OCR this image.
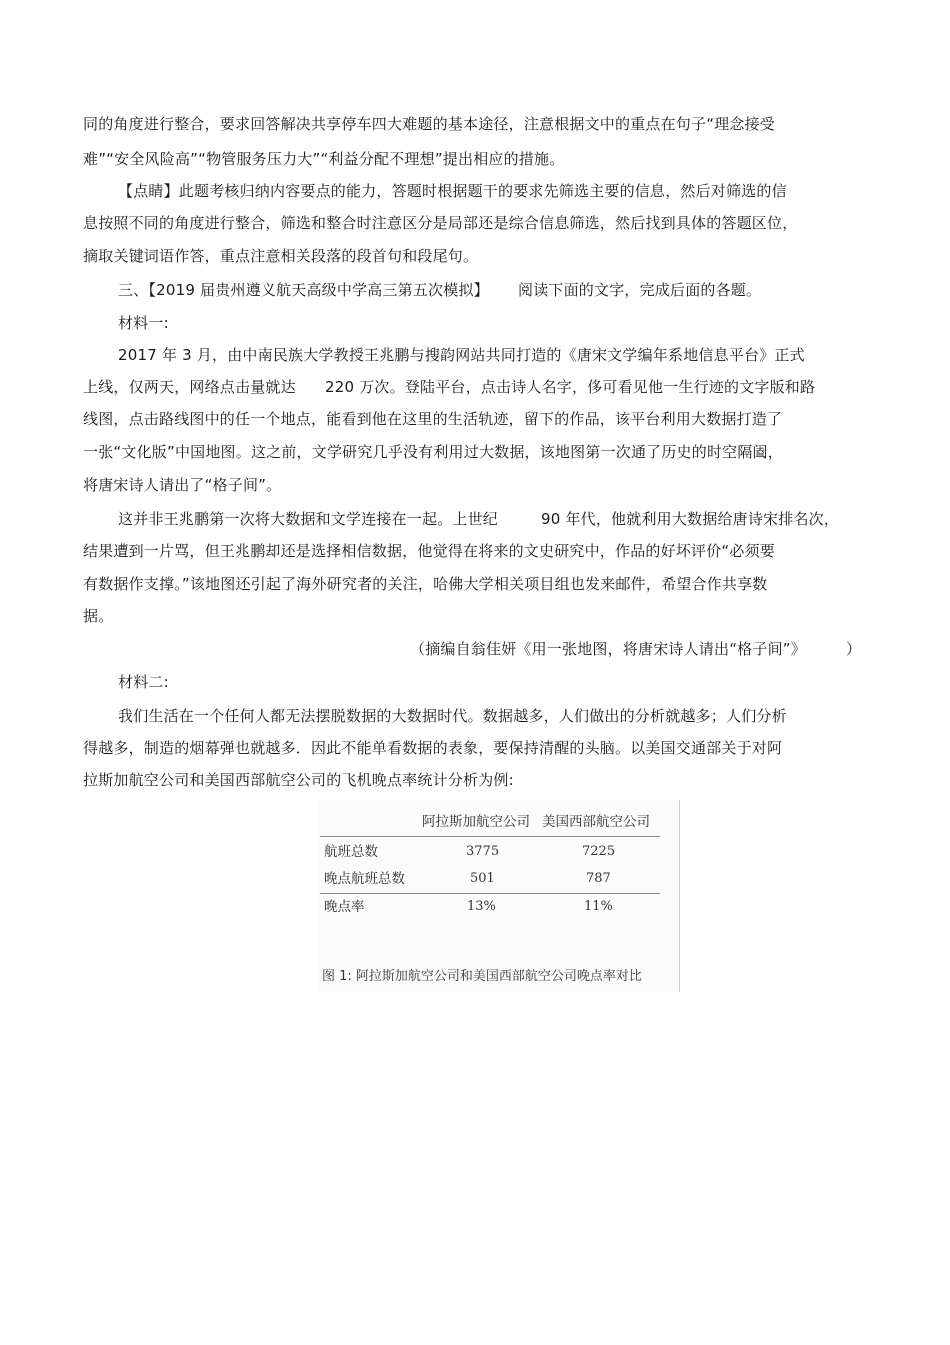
同的角度进行整合，要求回答解决共享停车四大难题的基本途径，注意根据文中的重点在句子“理念接受
难”“安全风险高”“物管服务压力大”“利益分配不理想”提出相应的措施。
【点睛】此题考核归纳内容要点的能力，答题时根据题干的要求先筛选主要的信息，然后对筛选的信
息按照不同的角度进行整合，筛选和整合时注意区分是局部还是综合信息筛选，然后找到具体的答题区位，
摘取关键词语作答，重点注意相关段落的段首句和段尾句。
三、【2019 届贵州遵义航天高级中学高三第五次模拟】 阅读下面的文字，完成后面的各题。
材料一:
2017 年 3 月，由中南民族大学教授王兆鹏与搜韵网站共同打造的《唐宋文学编年系地信息平台》正式
上线，仅两天，网络点击量就达 220 万次。登陆平台，点击诗人名字，侈可看见他一生行迹的文字版和路
线图，点击路线图中的任一个地点，能看到他在这里的生活轨迹，留下的作品，该平台利用大数据打造了
一张“文化版”中国地图。这之前，文学研究几乎没有利用过大数据，该地图第一次通了历史的时空隔阖，
将唐宋诗人请出了“格子间”。
这并非王兆鹏第一次将大数据和文学连接在一起。上世纪	90 年代，他就利用大数据给唐诗宋排名次，
结果遭到一片骂，但王兆鹏却还是选择相信数据，他觉得在将来的文史研究中，作品的好坏评价“必须要
有数据作支撑。”该地图还引起了海外研究者的关注，哈佛大学相关项目组也发来邮件，希望合作共享数
据。
（摘编自翁佳妍《用一张地图，将唐宋诗人请出“格子间”》	）
材料二:
我们生活在一个任何人都无法摆脱数据的大数据时代。数据越多，人们做出的分析就越多；人们分析
得越多，制造的烟幕弹也就越多．因此不能单看数据的表象，要保持清醒的头脑。以美国交通部关于对阿
拉斯加航空公司和美国西部航空公司的飞机晚点率统计分析为例:
阿拉斯加航空公司 美国西部航空公司
航班总数	3775	7225
晚点航班总数	501	787
晚点率	13%	11%
图 1: 阿拉斯加航空公司和美国西部航空公司晚点率对比
